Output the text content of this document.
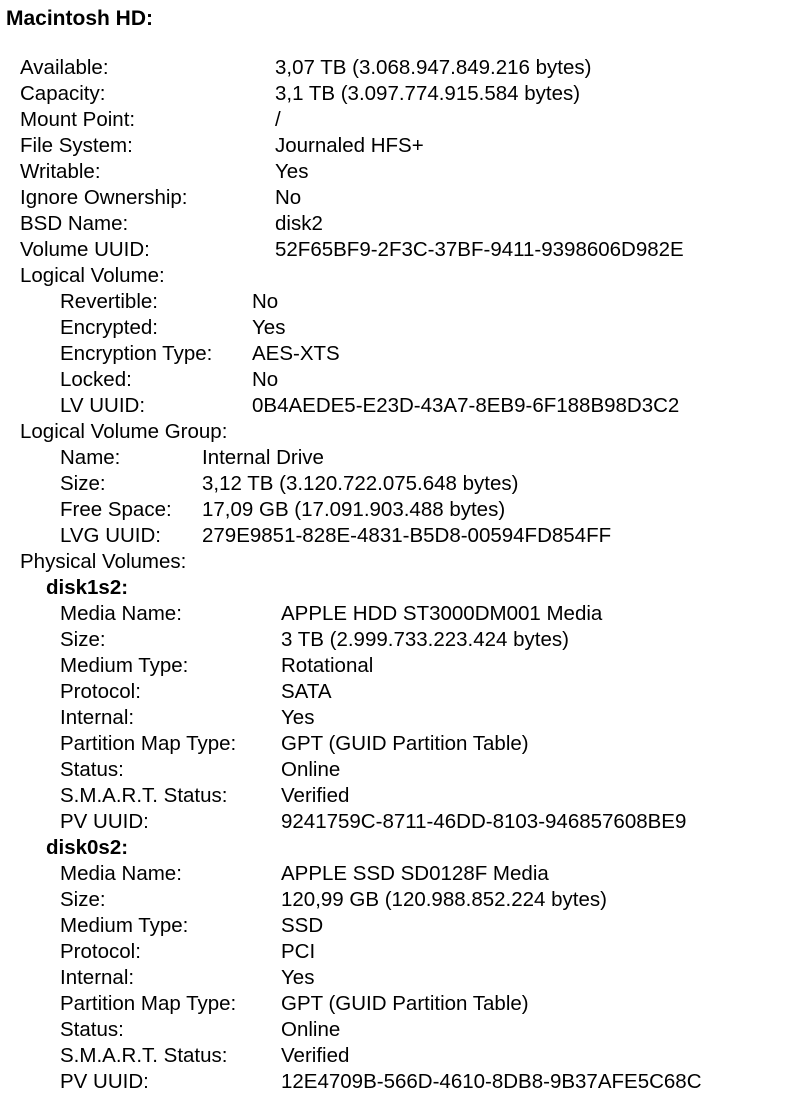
Macintosh HD:
Available:	3,07 TB (3.068.947.849.216 bytes)
Capacity:	3,1 TB (3.097.774.915.584 bytes)
Mount Point:	/
File System:	Journaled HFS+
Writable:	Yes
Ignore Ownership:	No
BSD Name:	disk2
Volume UUID:	52F65BF9-2F3C-37BF-9411-9398606D982E
Logical Volume:
Revertible:	No
Encrypted:	Yes
Encryption Type: AES-XTS
Locked:	No
LV UUID:	0B4AEDE5-E23D-43A7-8EB9-6F188B98D3C2
Logical Volume Group:
Name:	Internal Drive
Size:	3,12 TB (3.120.722.075.648 bytes)
Free Space: 17,09 GB (17.091.903.488 bytes)
LVG UUID: 279E9851-828E-4831-B5D8-00594FD854FF
Physical Volumes:
disk1s2:
Media Name:	APPLE HDD ST3000DM001 Media
Size:	3 TB (2.999.733.223.424 bytes)
Medium Type:	Rotational
Protocol:	SATA
Internal:	Yes
Partition Map Type: GPT (GUID Partition Table)
Status:	Online
S.M.A.R.T. Status:	Verified
PV UUID:	9241759C-8711-46DD-8103-946857608BE9
disk0s2:
Media Name:	APPLE SSD SD0128F Media
Size:	120,99 GB (120.988.852.224 bytes)
Medium Type:	SSD
Protocol:	PCI
Internal:	Yes
Partition Map Type: GPT (GUID Partition Table)
Status:	Online
S.M.A.R.T. Status:	Verified
PV UUID:	12E4709B-566D-4610-8DB8-9B37AFE5C68C
